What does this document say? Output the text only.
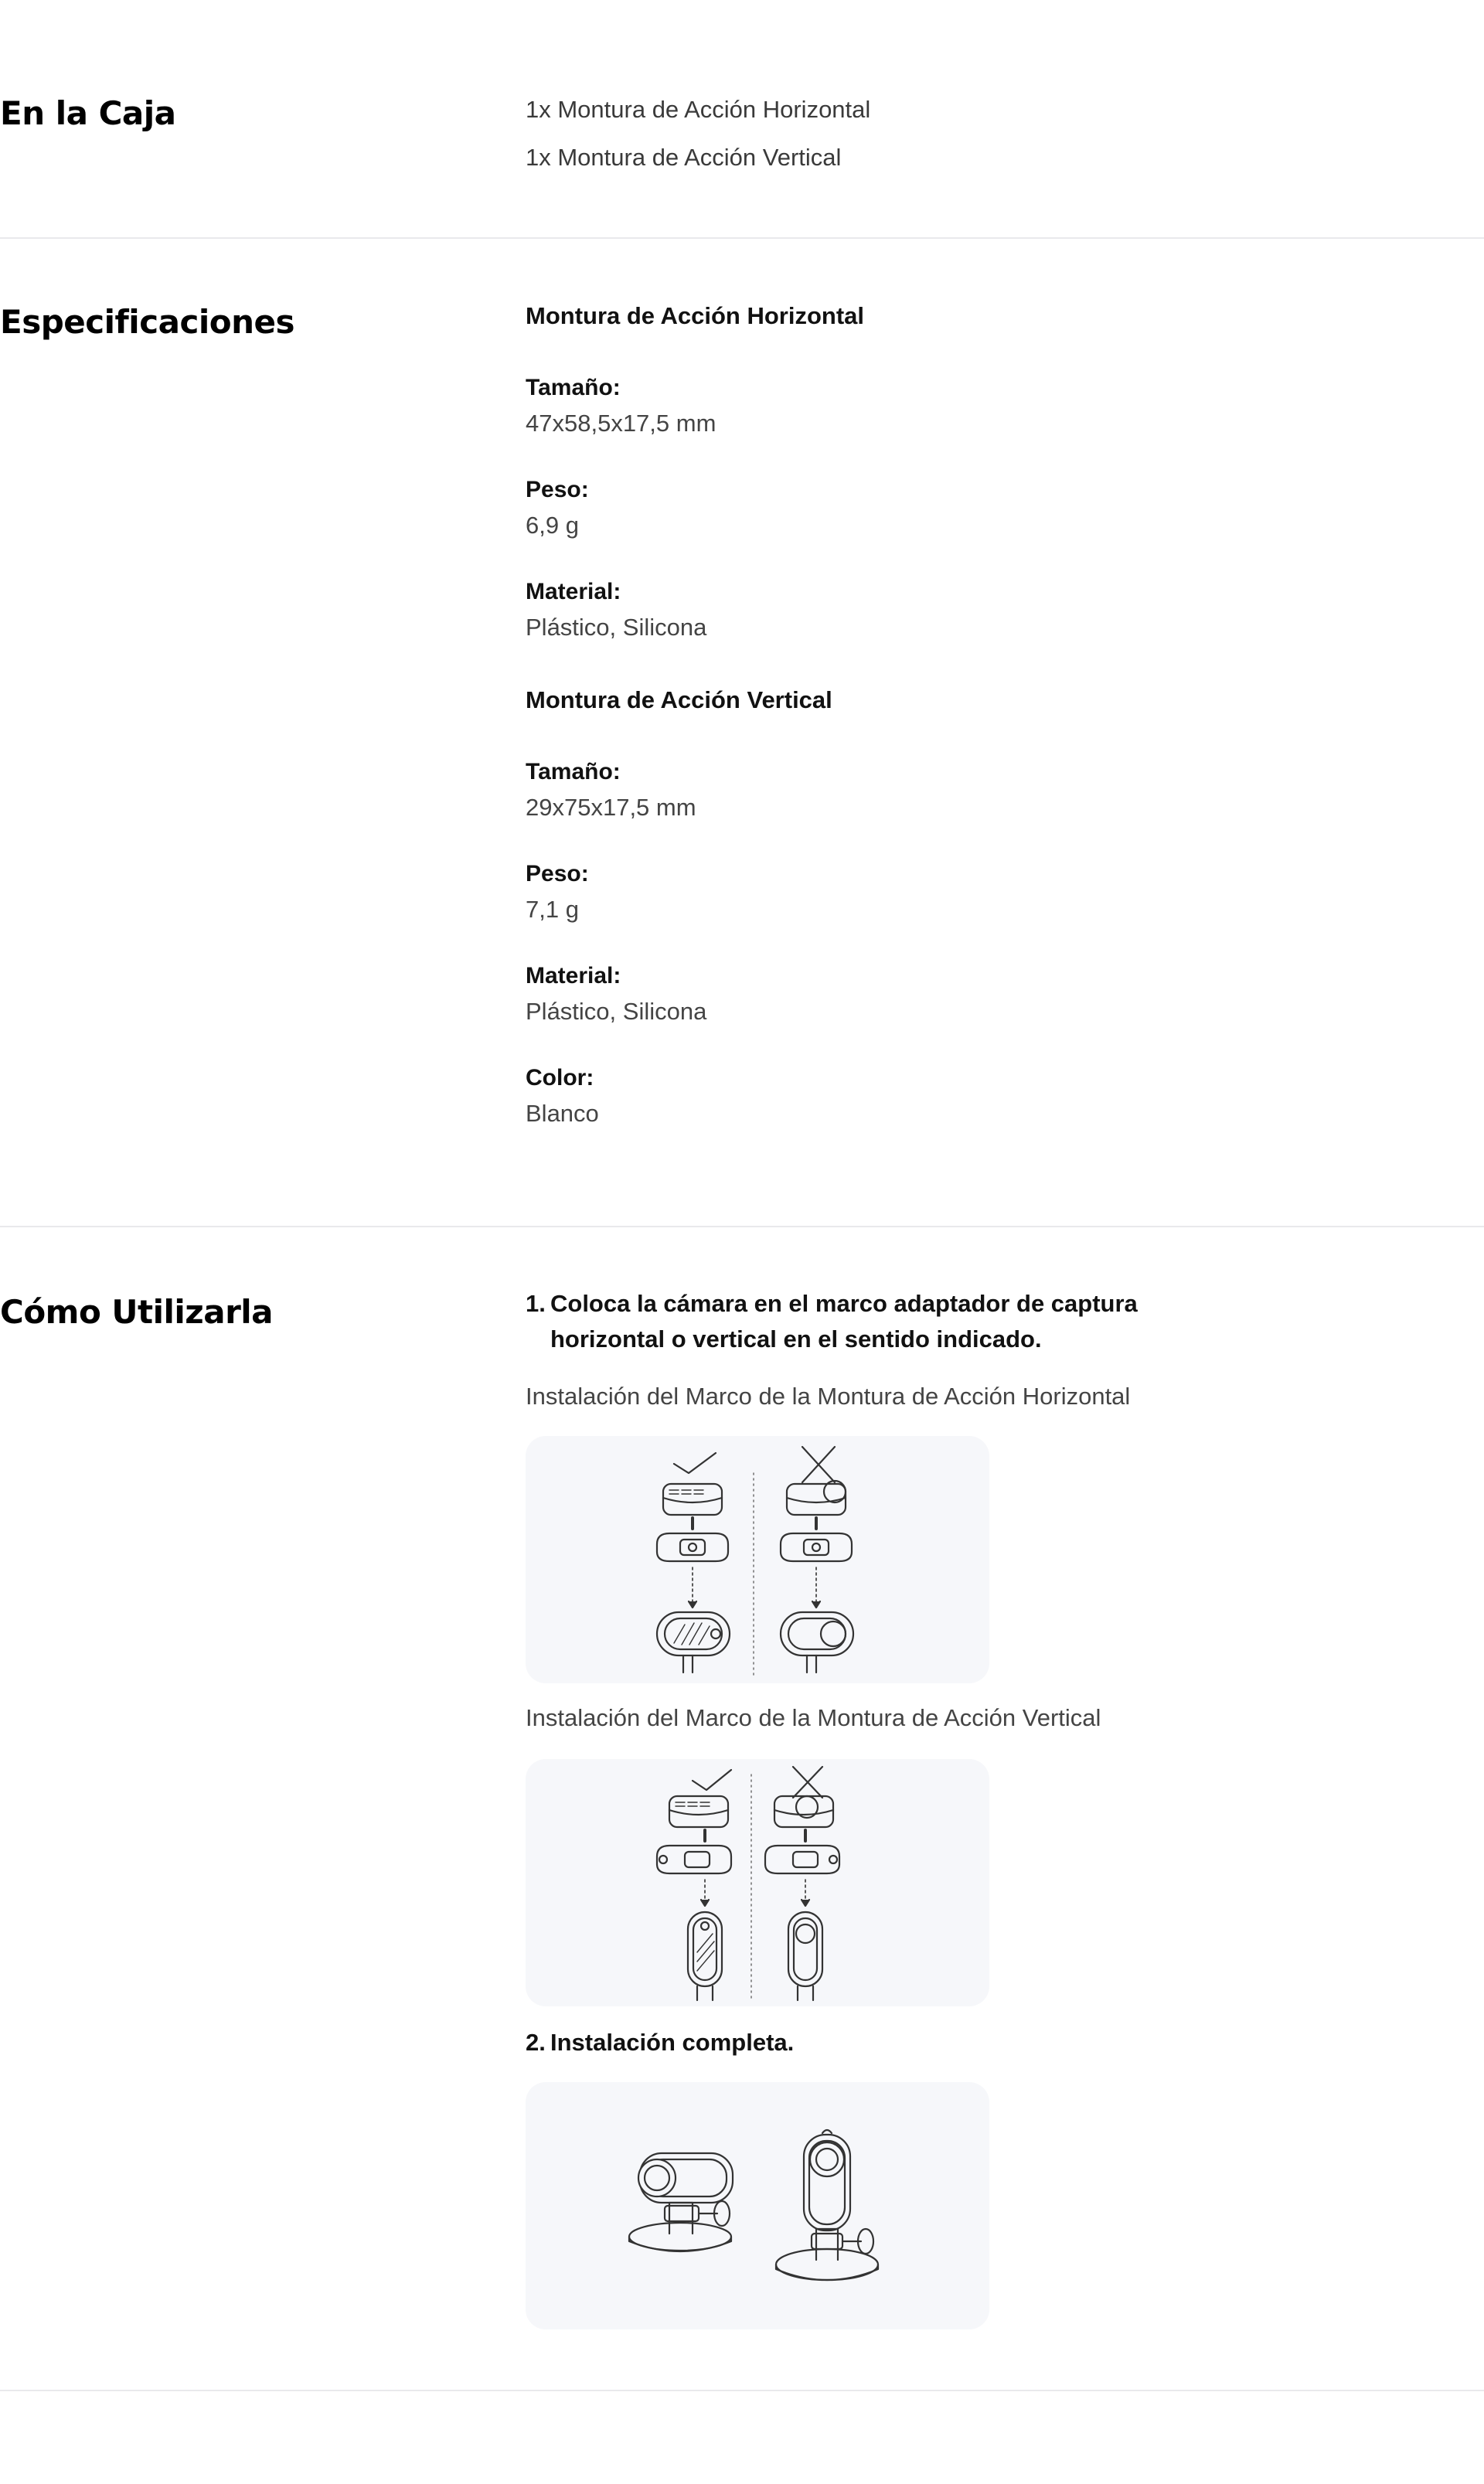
En la Caja	1x Montura de Acción Horizontal
1x Montura de Acción Vertical
Especificaciones	Montura de Acción Horizontal
Tamaño:
47x58,5x17,5 mm
Peso:
6,9 g
Material:
Plástico, Silicona
Montura de Acción Vertical
Tamaño:
29x75x17,5 mm
Peso:
7,1 g
Material:
Plástico, Silicona
Color:
Blanco
Cómo Utilizarla	1. Coloca la cámara en el marco adaptador de captura horizontal o vertical en el sentido indicado.
Instalación del Marco de la Montura de Acción Horizontal
Instalación del Marco de la Montura de Acción Vertical
2. Instalación completa.
